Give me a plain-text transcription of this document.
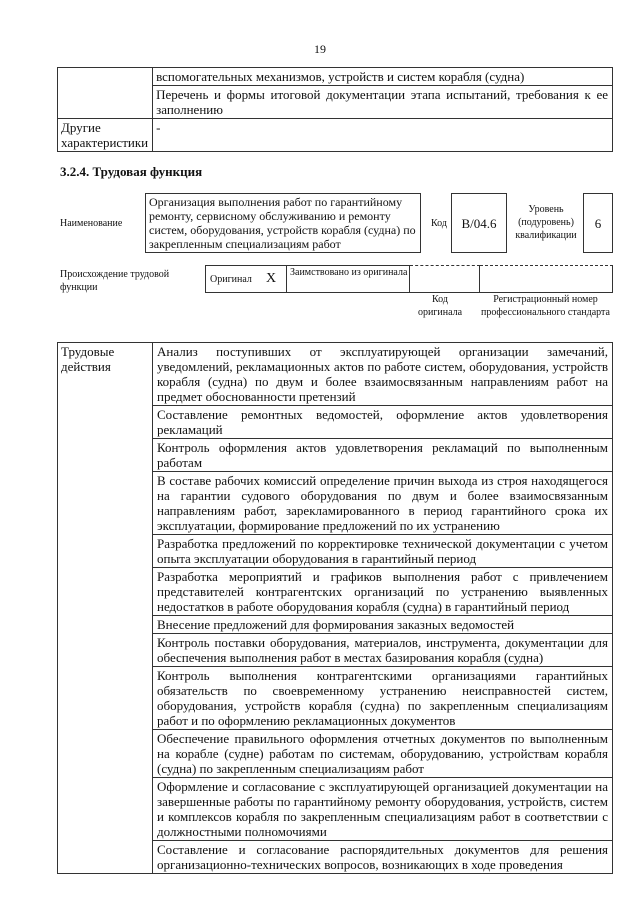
19
	вспомогательных механизмов, устройств и систем корабля (судна)
	Перечень и формы итоговой документации этапа испытаний, требования к ее заполнению
Другие характеристики	-
3.2.4. Трудовая функция
Наименование
Организация выполнения работ по гарантийному ремонту, сервисному обслуживанию и ремонту систем, оборудования, устройств корабля (судна) по закрепленным специализациям работ
Код	В/04.6
Уровень (подуровень) квалификации
6
Происхождение трудовой функции
Оригинал X Заимствовано из оригинала
Код оригинала
Регистрационный номер профессионального стандарта
Трудовые действия	Анализ поступивших от эксплуатирующей организации замечаний, уведомлений, рекламационных актов по работе систем, оборудования, устройств корабля (судна) по двум и более взаимосвязанным направлениям работ на предмет обоснованности претензий
Составление ремонтных ведомостей, оформление актов удовлетворения рекламаций
Контроль оформления актов удовлетворения рекламаций по выполненным работам
В составе рабочих комиссий определение причин выхода из строя находящегося на гарантии судового оборудования по двум и более взаимосвязанным направлениям работ, зарекламированного в период гарантийного срока их эксплуатации, формирование предложений по их устранению
Разработка предложений по корректировке технической документации с учетом опыта эксплуатации оборудования в гарантийный период
Разработка мероприятий и графиков выполнения работ с привлечением представителей контрагентских организаций по устранению выявленных недостатков в работе оборудования корабля (судна) в гарантийный период
Внесение предложений для формирования заказных ведомостей
Контроль поставки оборудования, материалов, инструмента, документации для обеспечения выполнения работ в местах базирования корабля (судна)
Контроль выполнения контрагентскими организациями гарантийных обязательств по своевременному устранению неисправностей систем, оборудования, устройств корабля (судна) по закрепленным специализациям работ и по оформлению рекламационных документов
Обеспечение правильного оформления отчетных документов по выполненным на корабле (судне) работам по системам, оборудованию, устройствам корабля (судна) по закрепленным специализациям работ
Оформление и согласование с эксплуатирующей организацией документации на завершенные работы по гарантийному ремонту оборудования, устройств, систем и комплексов корабля по закрепленным специализациям работ в соответствии с должностными полномочиями
Составление и согласование распорядительных документов для решения организационно-технических вопросов, возникающих в ходе проведения
